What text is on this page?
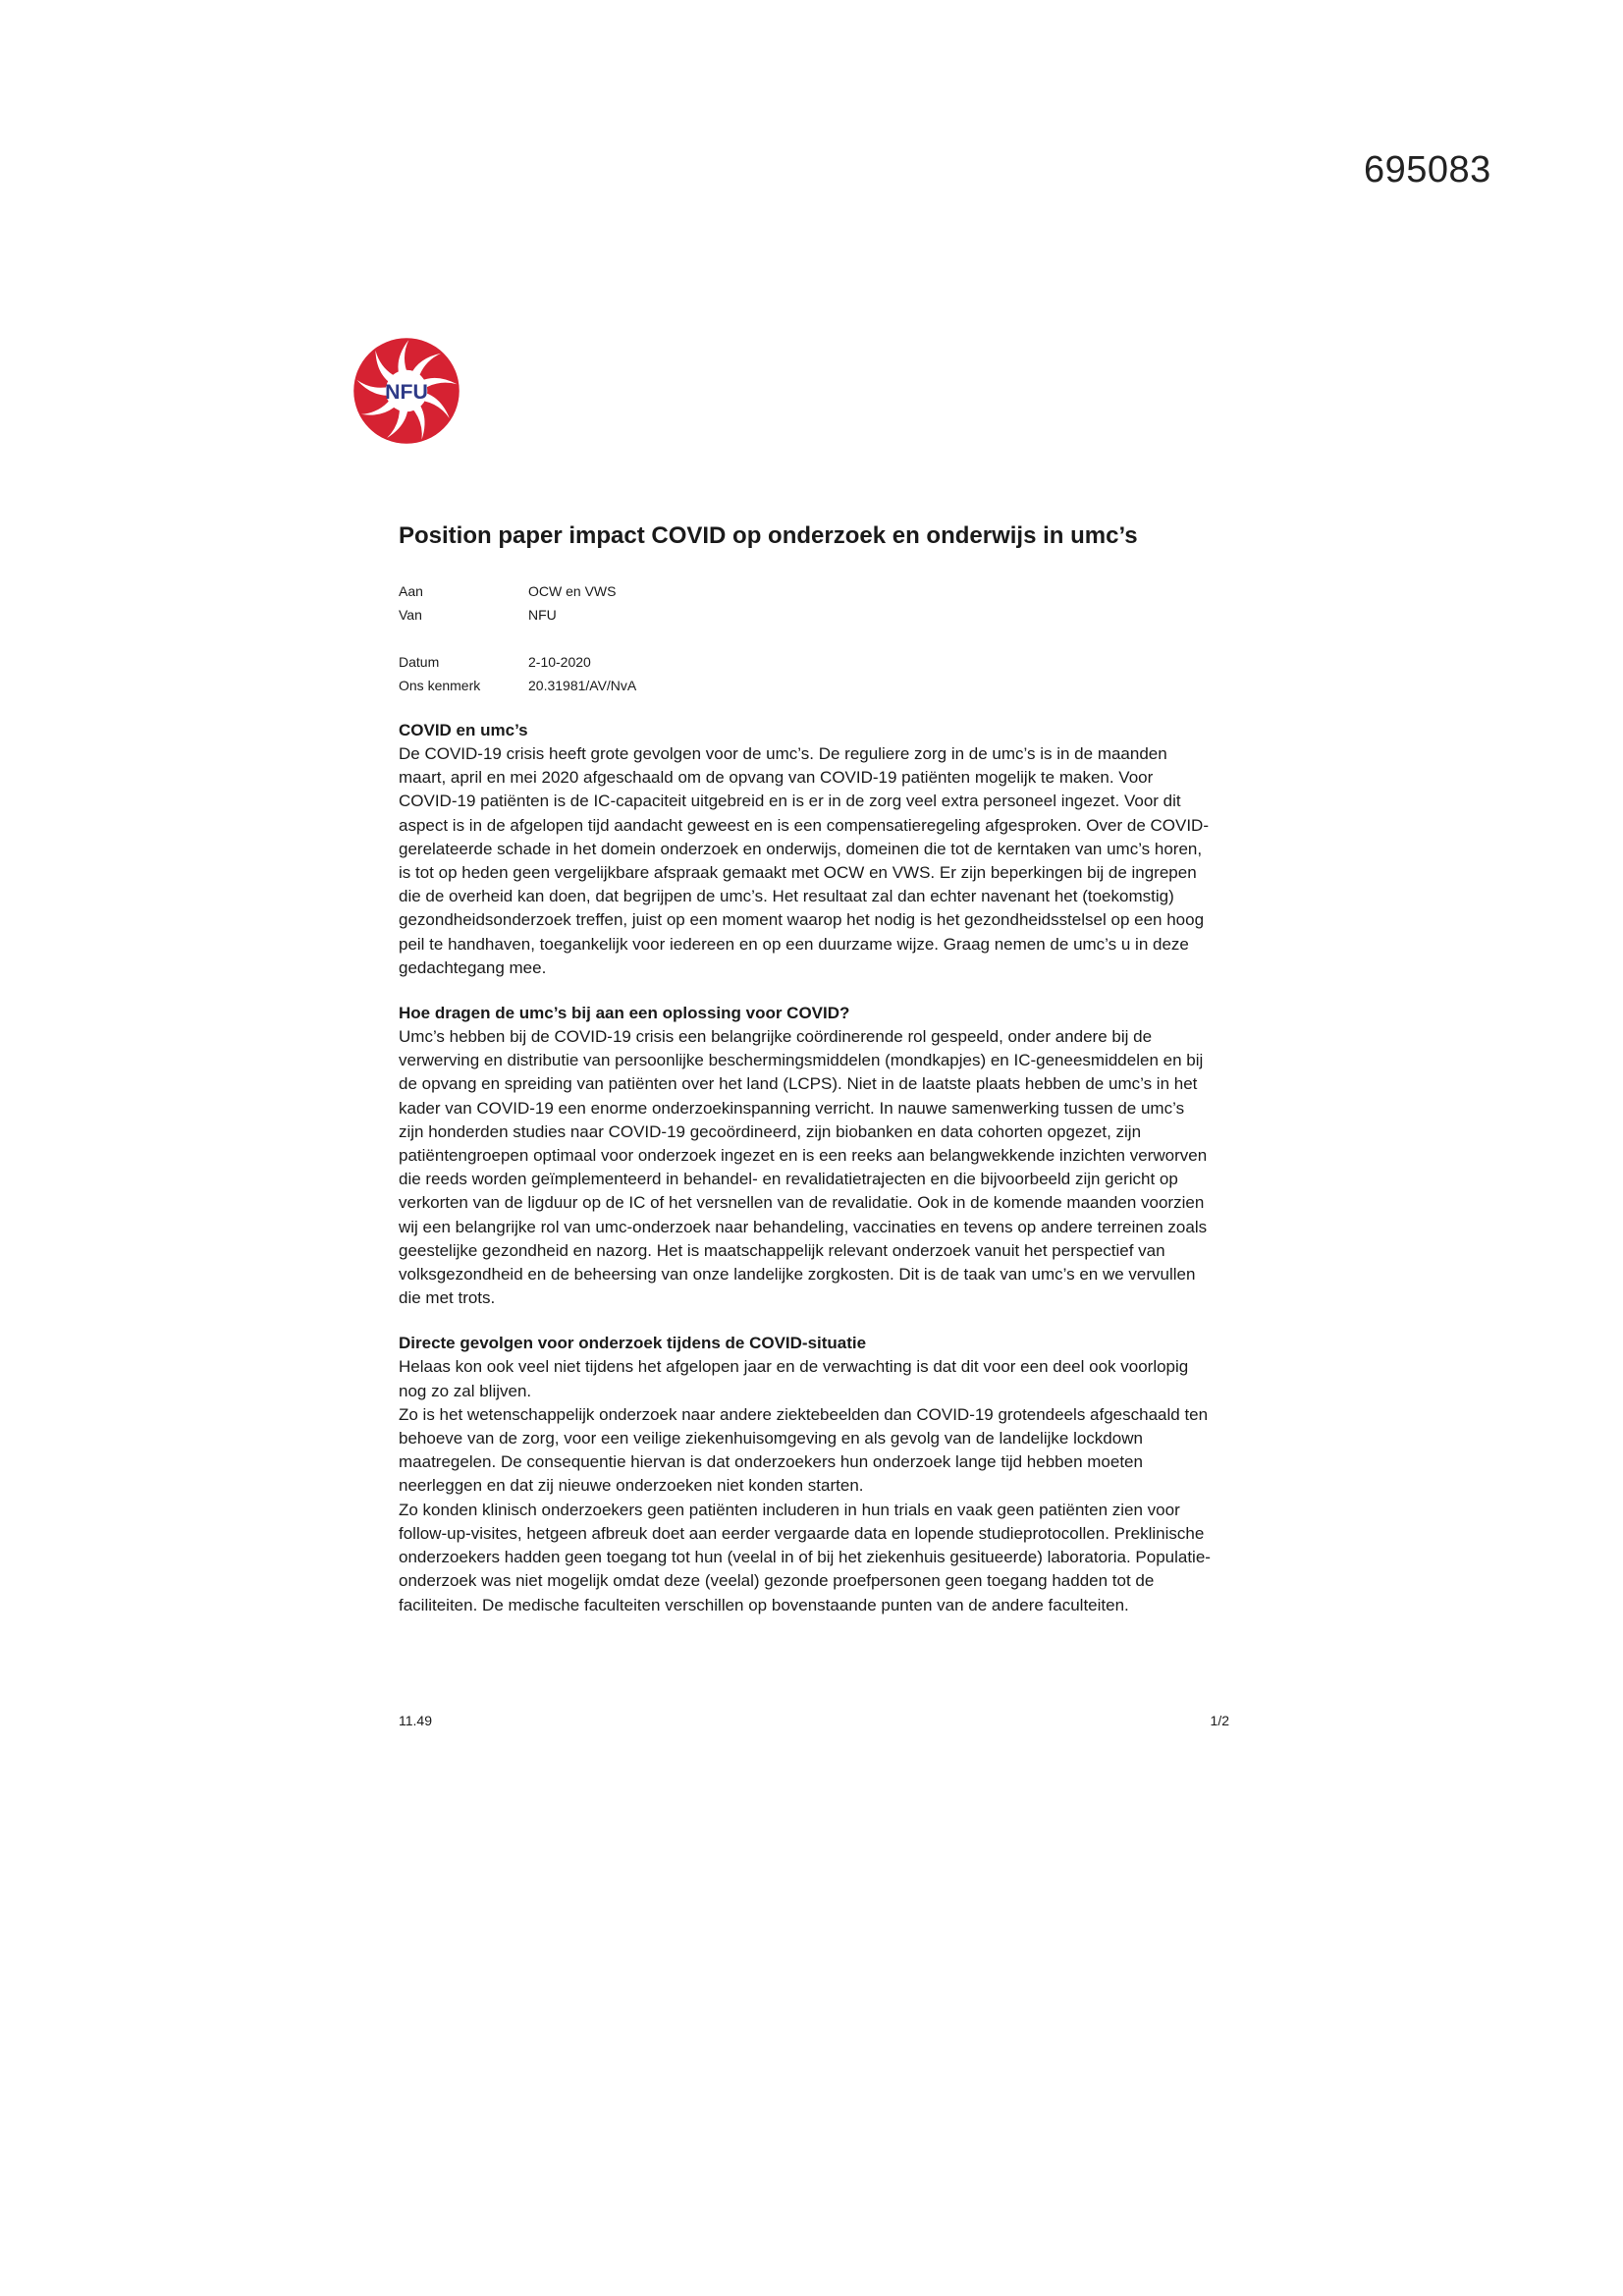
695083
NFU
Position paper impact COVID op onderzoek en onderwijs in umc’s
Aan	OCW en VWS
Van	NFU
Datum	2-10-2020
Ons kenmerk	20.31981/AV/NvA
COVID en umc’s

De COVID-19 crisis heeft grote gevolgen voor de umc’s. De reguliere zorg in de umc’s is in de maanden maart, april en mei 2020 afgeschaald om de opvang van COVID-19 patiënten mogelijk te maken. Voor COVID-19 patiënten is de IC-capaciteit uitgebreid en is er in de zorg veel extra personeel ingezet. Voor dit aspect is in de afgelopen tijd aandacht geweest en is een compensatieregeling afgesproken. Over de COVID-gerelateerde schade in het domein onderzoek en onderwijs, domeinen die tot de kerntaken van umc’s horen, is tot op heden geen vergelijkbare afspraak gemaakt met OCW en VWS. Er zijn beperkingen bij de ingrepen die de overheid kan doen, dat begrijpen de umc’s. Het resultaat zal dan echter navenant het (toekomstig) gezondheidsonderzoek treffen, juist op een moment waarop het nodig is het gezondheidsstelsel op een hoog peil te handhaven, toegankelijk voor iedereen en op een duurzame wijze. Graag nemen de umc’s u in deze gedachtegang mee.

Hoe dragen de umc’s bij aan een oplossing voor COVID?

Umc’s hebben bij de COVID-19 crisis een belangrijke coördinerende rol gespeeld, onder andere bij de verwerving en distributie van persoonlijke beschermingsmiddelen (mondkapjes) en IC-geneesmiddelen en bij de opvang en spreiding van patiënten over het land (LCPS). Niet in de laatste plaats hebben de umc’s in het kader van COVID-19 een enorme onderzoekinspanning verricht. In nauwe samenwerking tussen de umc’s zijn honderden studies naar COVID-19 gecoördineerd, zijn biobanken en data cohorten opgezet, zijn patiëntengroepen optimaal voor onderzoek ingezet en is een reeks aan belangwekkende inzichten verworven die reeds worden geïmplementeerd in behandel- en revalidatietrajecten en die bijvoorbeeld zijn gericht op verkorten van de ligduur op de IC of het versnellen van de revalidatie. Ook in de komende maanden voorzien wij een belangrijke rol van umc-onderzoek naar behandeling, vaccinaties en tevens op andere terreinen zoals geestelijke gezondheid en nazorg. Het is maatschappelijk relevant onderzoek vanuit het perspectief van volksgezondheid en de beheersing van onze landelijke zorgkosten. Dit is de taak van umc’s en we vervullen die met trots.

Directe gevolgen voor onderzoek tijdens de COVID-situatie

Helaas kon ook veel niet tijdens het afgelopen jaar en de verwachting is dat dit voor een deel ook voorlopig nog zo zal blijven.

Zo is het wetenschappelijk onderzoek naar andere ziektebeelden dan COVID-19 grotendeels afgeschaald ten behoeve van de zorg, voor een veilige ziekenhuisomgeving en als gevolg van de landelijke lockdown maatregelen. De consequentie hiervan is dat onderzoekers hun onderzoek lange tijd hebben moeten neerleggen en dat zij nieuwe onderzoeken niet konden starten.

Zo konden klinisch onderzoekers geen patiënten includeren in hun trials en vaak geen patiënten zien voor follow-up-visites, hetgeen afbreuk doet aan eerder vergaarde data en lopende studieprotocollen. Preklinische onderzoekers hadden geen toegang tot hun (veelal in of bij het ziekenhuis gesitueerde) laboratoria. Populatie-onderzoek was niet mogelijk omdat deze (veelal) gezonde proefpersonen geen toegang hadden tot de faciliteiten. De medische faculteiten verschillen op bovenstaande punten van de andere faculteiten.

11.49	1/2
